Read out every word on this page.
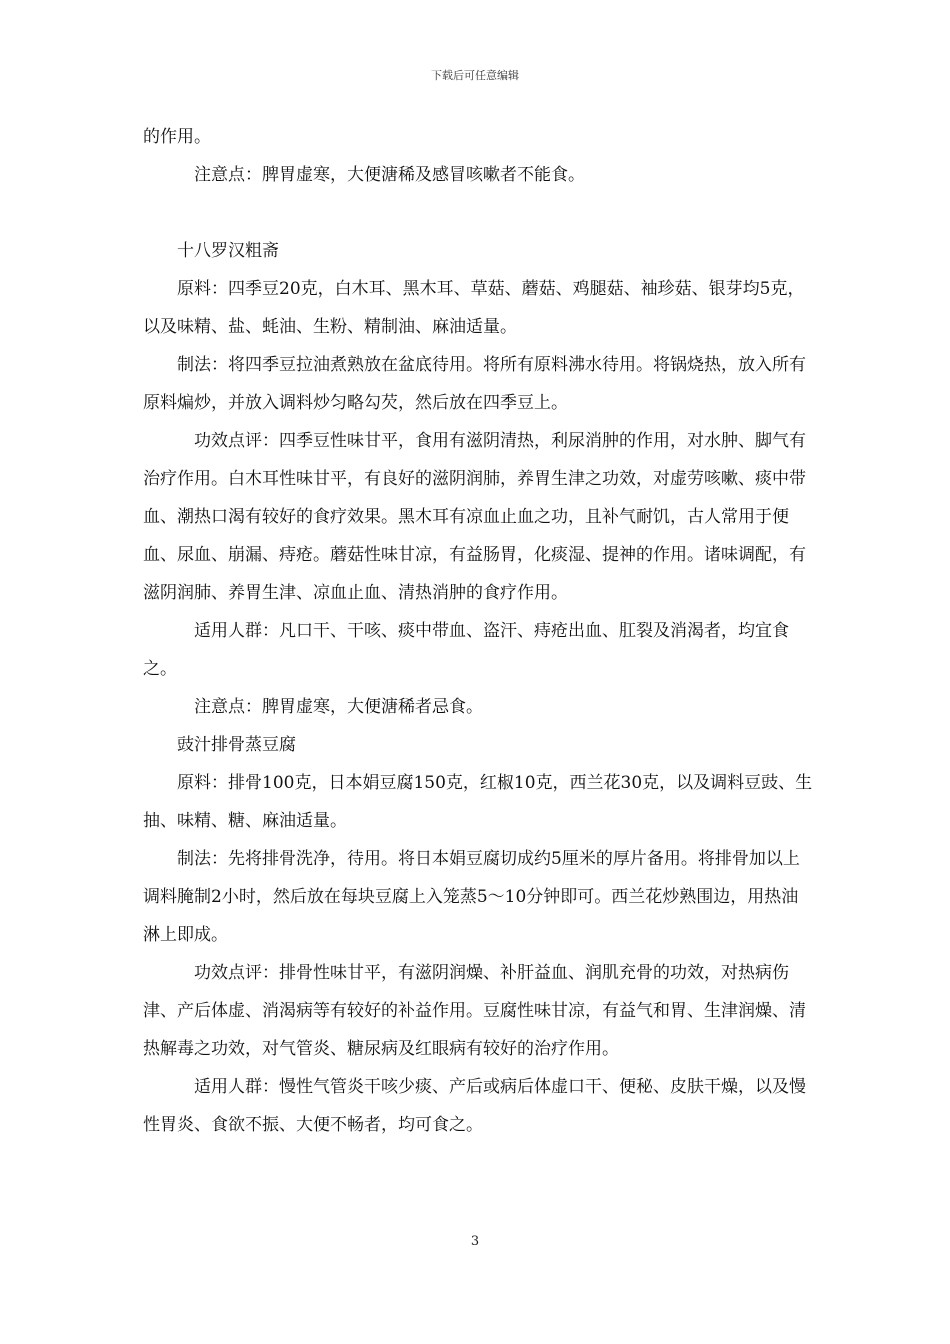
下载后可任意编辑

的作用。

注意点：脾胃虚寒，大便溏稀及感冒咳嗽者不能食。

十八罗汉粗斋

原料：四季豆20克，白木耳、黑木耳、草菇、蘑菇、鸡腿菇、袖珍菇、银芽均5克，以及味精、盐、蚝油、生粉、精制油、麻油适量。

制法：将四季豆拉油煮熟放在盆底待用。将所有原料沸水待用。将锅烧热，放入所有原料煸炒，并放入调料炒匀略勾芡，然后放在四季豆上。

功效点评：四季豆性味甘平，食用有滋阴清热，利尿消肿的作用，对水肿、脚气有治疗作用。白木耳性味甘平，有良好的滋阴润肺，养胃生津之功效，对虚劳咳嗽、痰中带血、潮热口渴有较好的食疗效果。黑木耳有凉血止血之功，且补气耐饥，古人常用于便血、尿血、崩漏、痔疮。蘑菇性味甘凉，有益肠胃，化痰湿、提神的作用。诸味调配，有滋阴润肺、养胃生津、凉血止血、清热消肿的食疗作用。

适用人群：凡口干、干咳、痰中带血、盗汗、痔疮出血、肛裂及消渴者，均宜食之。

注意点：脾胃虚寒，大便溏稀者忌食。

豉汁排骨蒸豆腐

原料：排骨100克，日本娟豆腐150克，红椒10克，西兰花30克，以及调料豆豉、生抽、味精、糖、麻油适量。

制法：先将排骨洗净，待用。将日本娟豆腐切成约5厘米的厚片备用。将排骨加以上调料腌制2小时，然后放在每块豆腐上入笼蒸5～10分钟即可。西兰花炒熟围边，用热油淋上即成。

功效点评：排骨性味甘平，有滋阴润燥、补肝益血、润肌充骨的功效，对热病伤津、产后体虚、消渴病等有较好的补益作用。豆腐性味甘凉，有益气和胃、生津润燥、清热解毒之功效，对气管炎、糖尿病及红眼病有较好的治疗作用。

适用人群：慢性气管炎干咳少痰、产后或病后体虚口干、便秘、皮肤干燥，以及慢性胃炎、食欲不振、大便不畅者，均可食之。

3
